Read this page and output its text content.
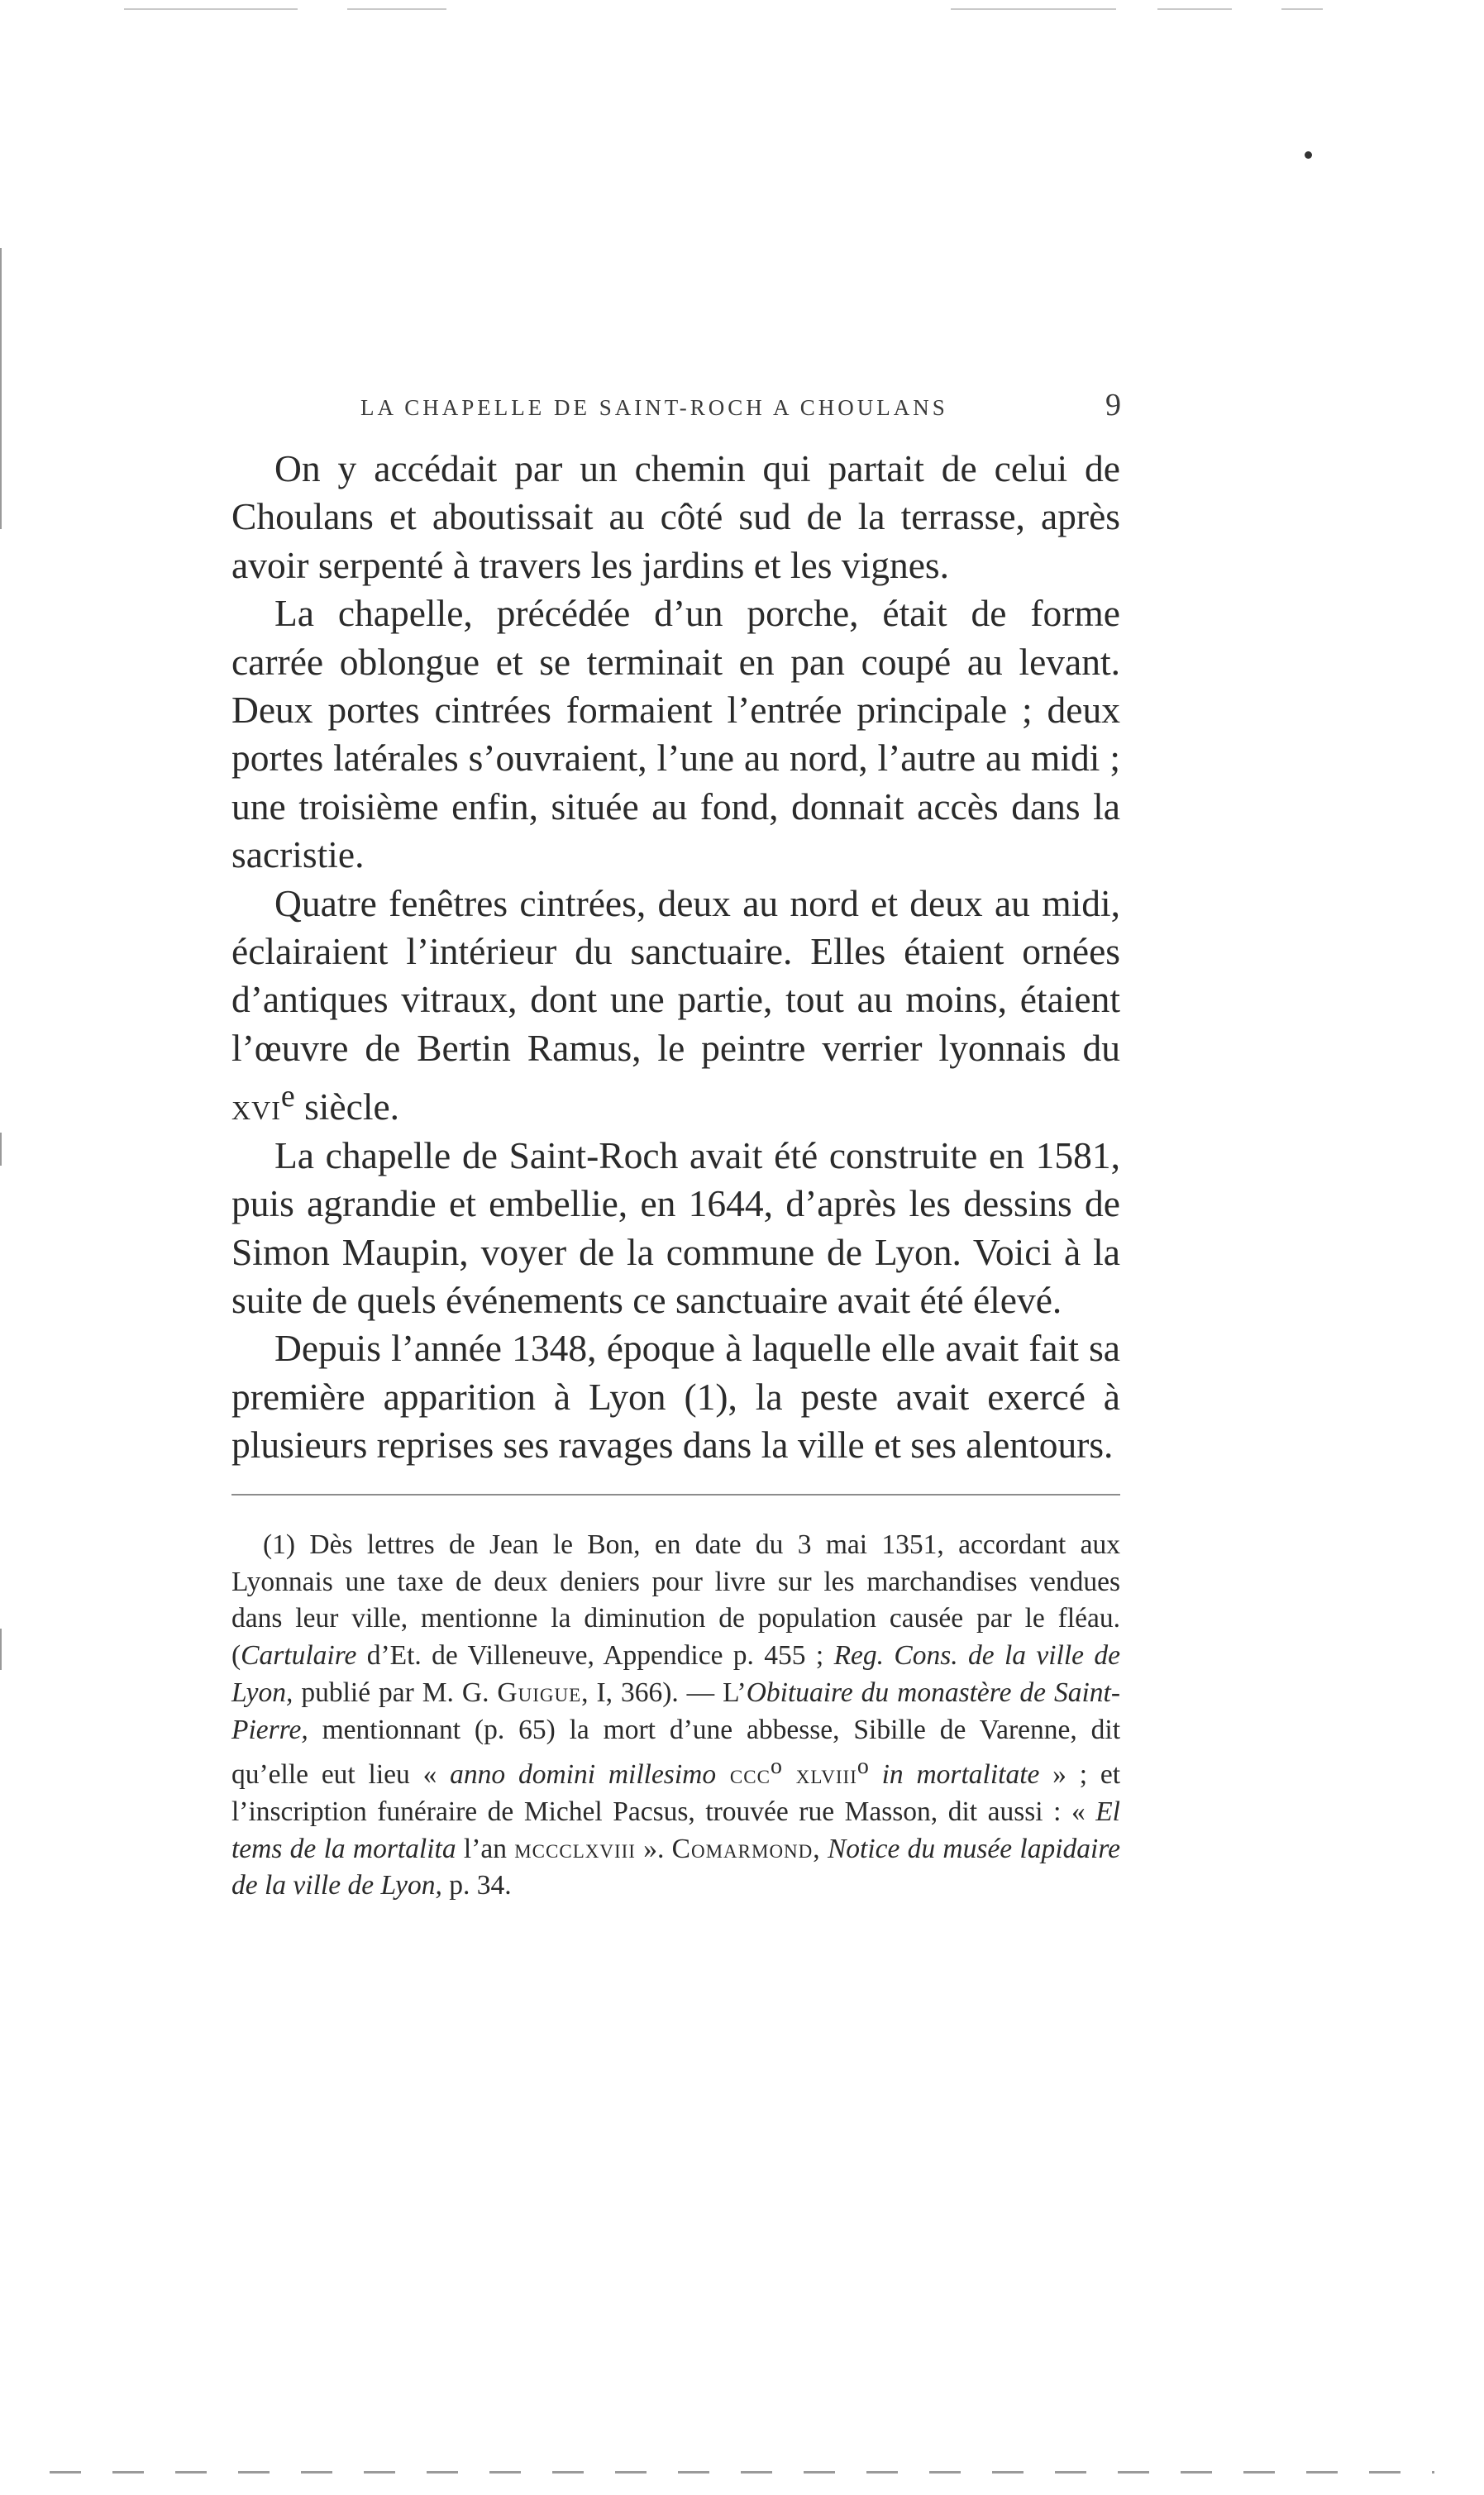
LA CHAPELLE DE SAINT-ROCH A CHOULANS	9

On y accédait par un chemin qui partait de celui de Choulans et aboutissait au côté sud de la terrasse, après avoir serpenté à travers les jardins et les vignes.

La chapelle, précédée d’un porche, était de forme carrée oblongue et se terminait en pan coupé au levant. Deux portes cintrées formaient l’entrée principale ; deux portes latérales s’ouvraient, l’une au nord, l’autre au midi ; une troisième enfin, située au fond, donnait accès dans la sacristie.

Quatre fenêtres cintrées, deux au nord et deux au midi, éclairaient l’intérieur du sanctuaire. Elles étaient ornées d’antiques vitraux, dont une partie, tout au moins, étaient l’œuvre de Bertin Ramus, le peintre verrier lyonnais du xvi$^e$ siècle.

La chapelle de Saint-Roch avait été construite en 1581, puis agrandie et embellie, en 1644, d’après les dessins de Simon Maupin, voyer de la commune de Lyon. Voici à la suite de quels événements ce sanctuaire avait été élevé.

Depuis l’année 1348, époque à laquelle elle avait fait sa première apparition à Lyon (1), la peste avait exercé à plusieurs reprises ses ravages dans la ville et ses alentours.

(1) Dès lettres de Jean le Bon, en date du 3 mai 1351, accordant aux Lyonnais une taxe de deux deniers pour livre sur les marchandises vendues dans leur ville, mentionne la diminution de population causée par le fléau. (Cartulaire d’Et. de Villeneuve, Appendice p. 455 ; Reg. Cons. de la ville de Lyon, publié par M. G. Guigue, I, 366). — L’Obituaire du monastère de Saint-Pierre, mentionnant (p. 65) la mort d’une abbesse, Sibille de Varenne, dit qu’elle eut lieu « anno domini millesimo ccc$^o$ xlviii$^o$ in mortalitate » ; et l’inscription funéraire de Michel Pacsus, trouvée rue Masson, dit aussi : « El tems de la mortalita l’an mccclxviii ». Comarmond, Notice du musée lapidaire de la ville de Lyon, p. 34.
